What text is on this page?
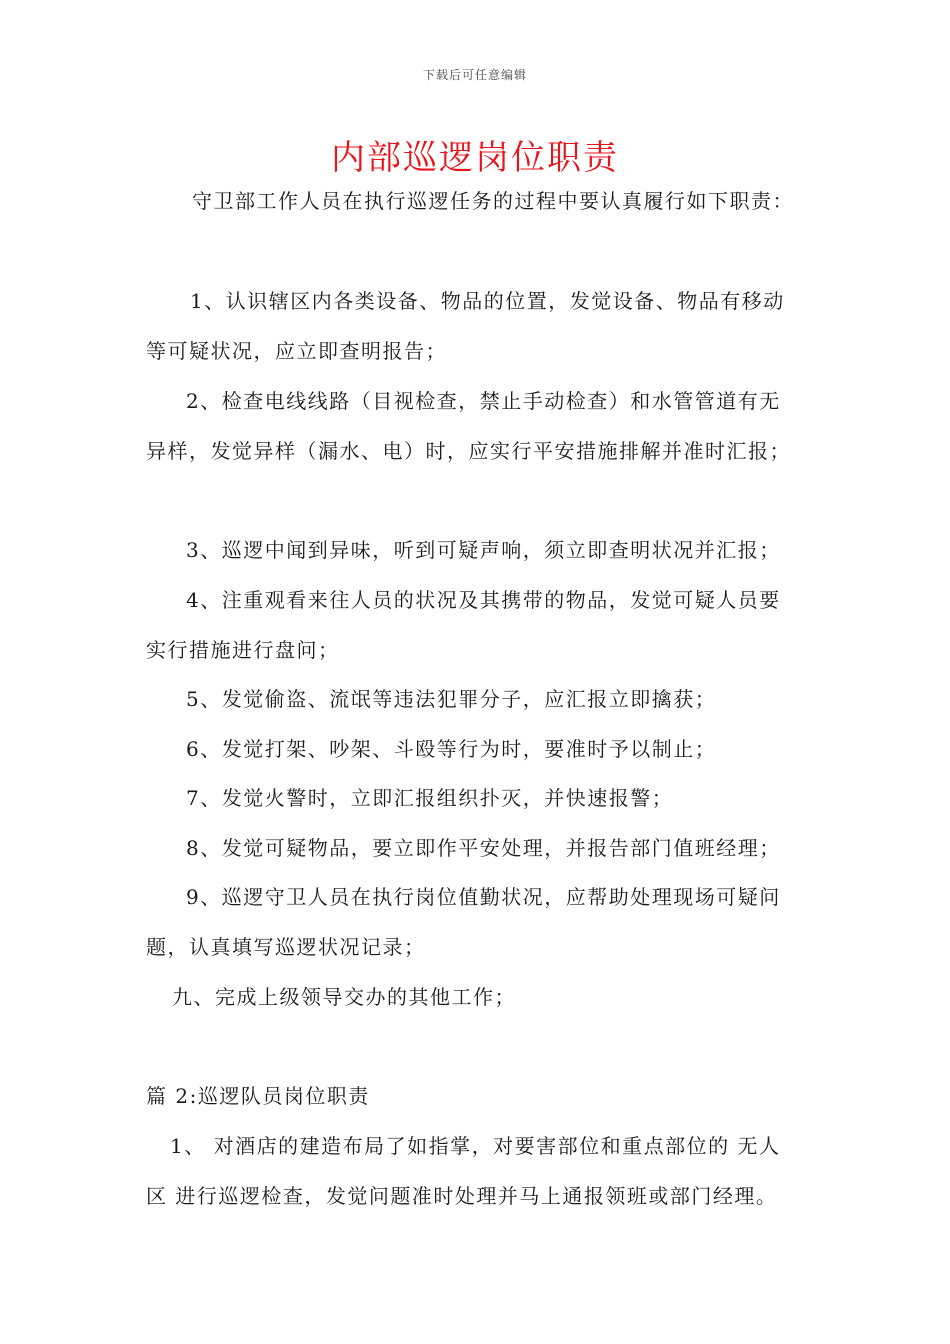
下载后可任意编辑
内部巡逻岗位职责
守卫部工作人员在执行巡逻任务的过程中要认真履行如下职责：
1、认识辖区内各类设备、物品的位置，发觉设备、物品有移动
等可疑状况，应立即查明报告；
2、检查电线线路（目视检查，禁止手动检查）和水管管道有无
异样，发觉异样（漏水、电）时，应实行平安措施排解并准时汇报；
3、巡逻中闻到异味，听到可疑声响，须立即查明状况并汇报；
4、注重观看来往人员的状况及其携带的物品，发觉可疑人员要
实行措施进行盘问；
5、发觉偷盗、流氓等违法犯罪分子，应汇报立即擒获；
6、发觉打架、吵架、斗殴等行为时，要准时予以制止；
7、发觉火警时，立即汇报组织扑灭，并快速报警；
8、发觉可疑物品，要立即作平安处理，并报告部门值班经理；
9、巡逻守卫人员在执行岗位值勤状况，应帮助处理现场可疑问
题，认真填写巡逻状况记录；
九、完成上级领导交办的其他工作；
篇 2:巡逻队员岗位职责
1、 对酒店的建造布局了如指掌，对要害部位和重点部位的 无人
区 进行巡逻检查，发觉问题准时处理并马上通报领班或部门经理。
